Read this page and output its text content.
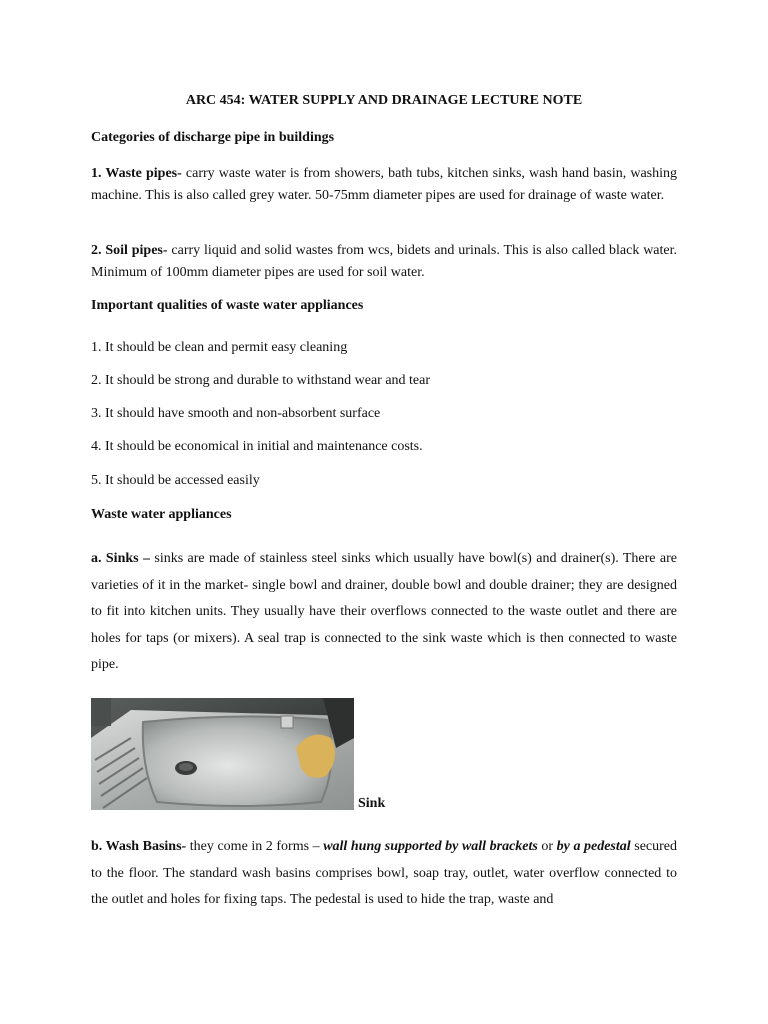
ARC 454: WATER SUPPLY AND DRAINAGE LECTURE NOTE
Categories of discharge pipe in buildings
1. Waste pipes- carry waste water is from showers, bath tubs, kitchen sinks, wash hand basin, washing machine. This is also called grey water. 50-75mm diameter pipes are used for drainage of waste water.
2. Soil pipes- carry liquid and solid wastes from wcs, bidets and urinals. This is also called black water. Minimum of 100mm diameter pipes are used for soil water.
Important qualities of waste water appliances
1. It should be clean and permit easy cleaning
2. It should be strong and durable to withstand wear and tear
3. It should have smooth and non-absorbent surface
4. It should be economical in initial and maintenance costs.
5. It should be accessed easily
Waste water appliances
a. Sinks – sinks are made of stainless steel sinks which usually have bowl(s) and drainer(s). There are varieties of it in the market- single bowl and drainer, double bowl and double drainer; they are designed to fit into kitchen units. They usually have their overflows connected to the waste outlet and there are holes for taps (or mixers). A seal trap is connected to the sink waste which is then connected to waste pipe.
Sink
b. Wash Basins- they come in 2 forms – wall hung supported by wall brackets or by a pedestal secured to the floor. The standard wash basins comprises bowl, soap tray, outlet, water overflow connected to the outlet and holes for fixing taps. The pedestal is used to hide the trap, waste and
